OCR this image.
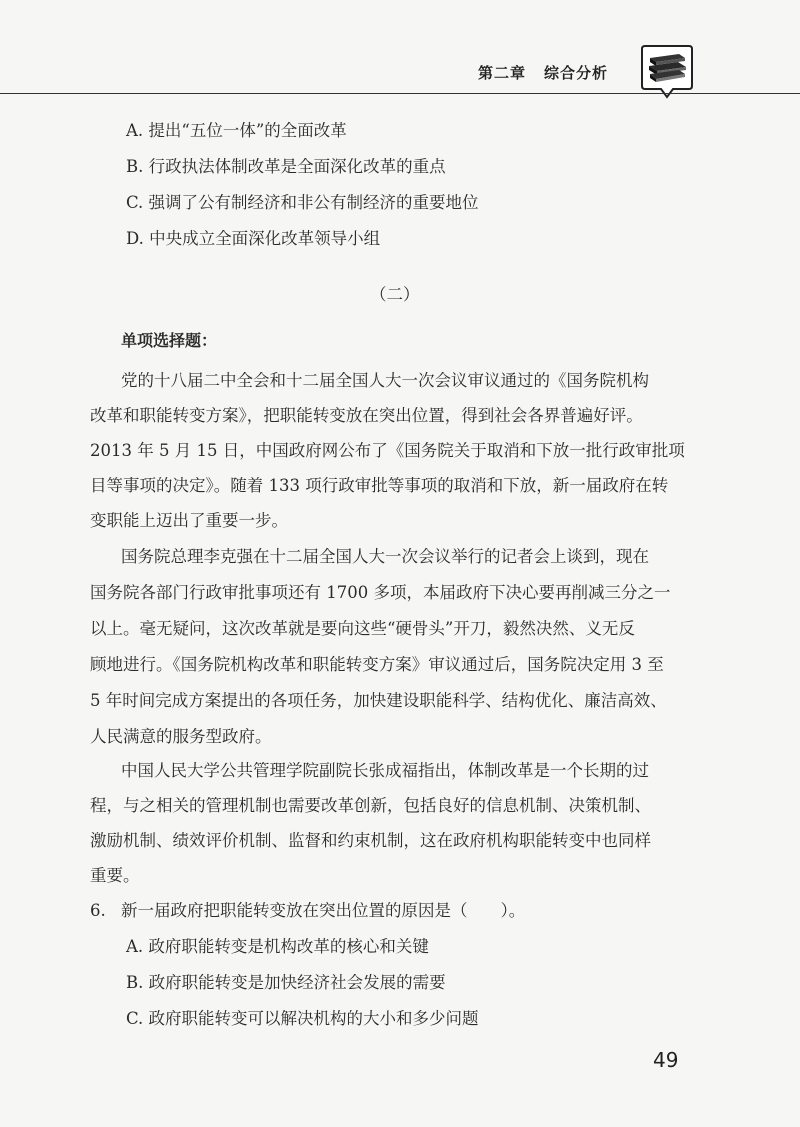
第二章 综合分析
A. 提出“五位一体”的全面改革
B. 行政执法体制改革是全面深化改革的重点
C. 强调了公有制经济和非公有制经济的重要地位
D. 中央成立全面深化改革领导小组
（二）
单项选择题：
党的十八届二中全会和十二届全国人大一次会议审议通过的《国务院机构
改革和职能转变方案》，把职能转变放在突出位置，得到社会各界普遍好评。
2013 年 5 月 15 日，中国政府网公布了《国务院关于取消和下放一批行政审批项
目等事项的决定》。随着 133 项行政审批等事项的取消和下放，新一届政府在转
变职能上迈出了重要一步。
国务院总理李克强在十二届全国人大一次会议举行的记者会上谈到，现在
国务院各部门行政审批事项还有 1700 多项，本届政府下决心要再削减三分之一
以上。毫无疑问，这次改革就是要向这些“硬骨头”开刀，毅然决然、义无反
顾地进行。《国务院机构改革和职能转变方案》审议通过后，国务院决定用 3 至
5 年时间完成方案提出的各项任务，加快建设职能科学、结构优化、廉洁高效、
人民满意的服务型政府。
中国人民大学公共管理学院副院长张成福指出，体制改革是一个长期的过
程，与之相关的管理机制也需要改革创新，包括良好的信息机制、决策机制、
激励机制、绩效评价机制、监督和约束机制，这在政府机构职能转变中也同样
重要。
6. 新一届政府把职能转变放在突出位置的原因是（　　）。
A. 政府职能转变是机构改革的核心和关键
B. 政府职能转变是加快经济社会发展的需要
C. 政府职能转变可以解决机构的大小和多少问题
49
